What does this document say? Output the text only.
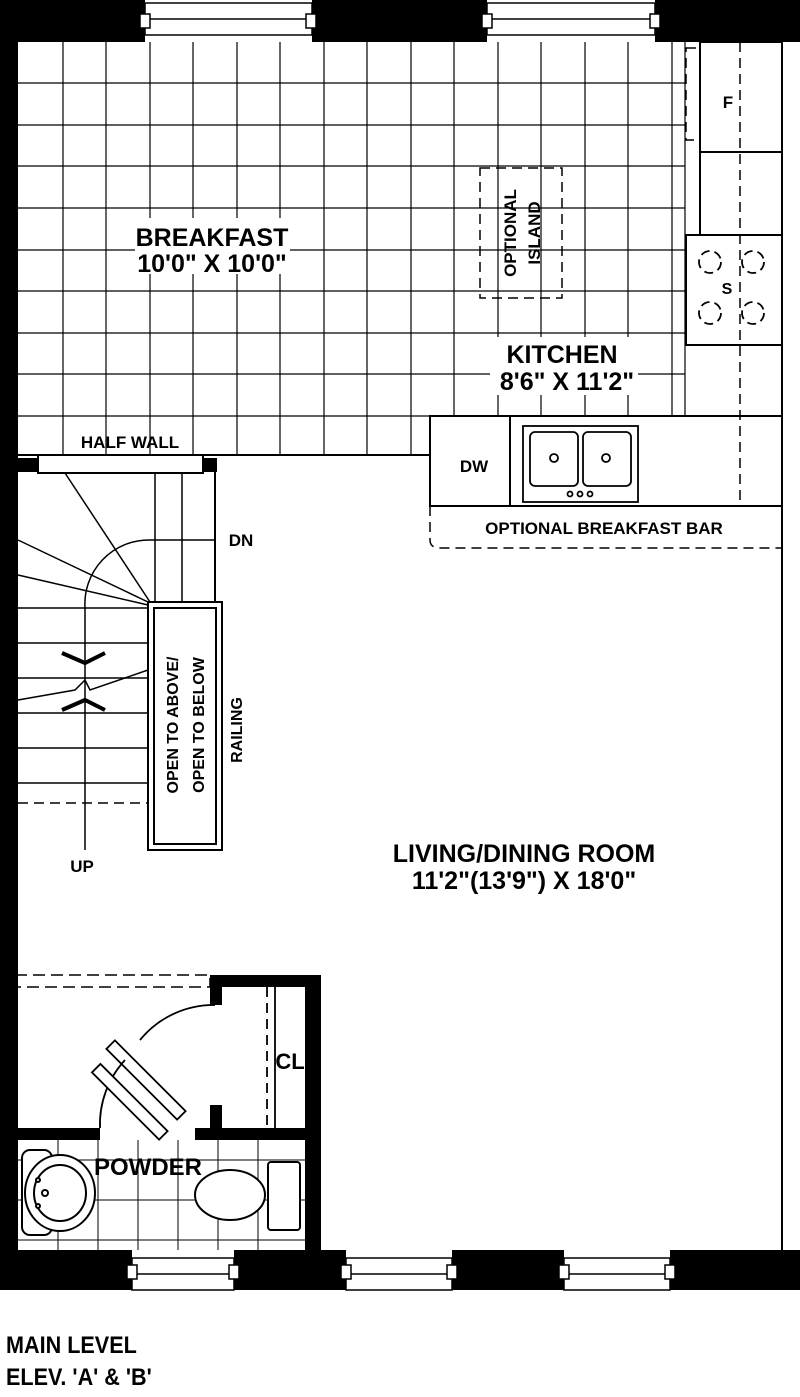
BREAKFAST
10'0" X 10'0"	OPTIONAL ISLAND
F
S
KITCHEN
8'6" X 11'2"
HALF WALL
DW
OPTIONAL BREAKFAST BAR
DN
UP
OPEN TO ABOVE/ OPEN TO BELOW RAILING
LIVING/DINING ROOM
11'2"(13'9") X 18'0"
CL
POWDER
MAIN LEVEL
ELEV. 'A' & 'B'
